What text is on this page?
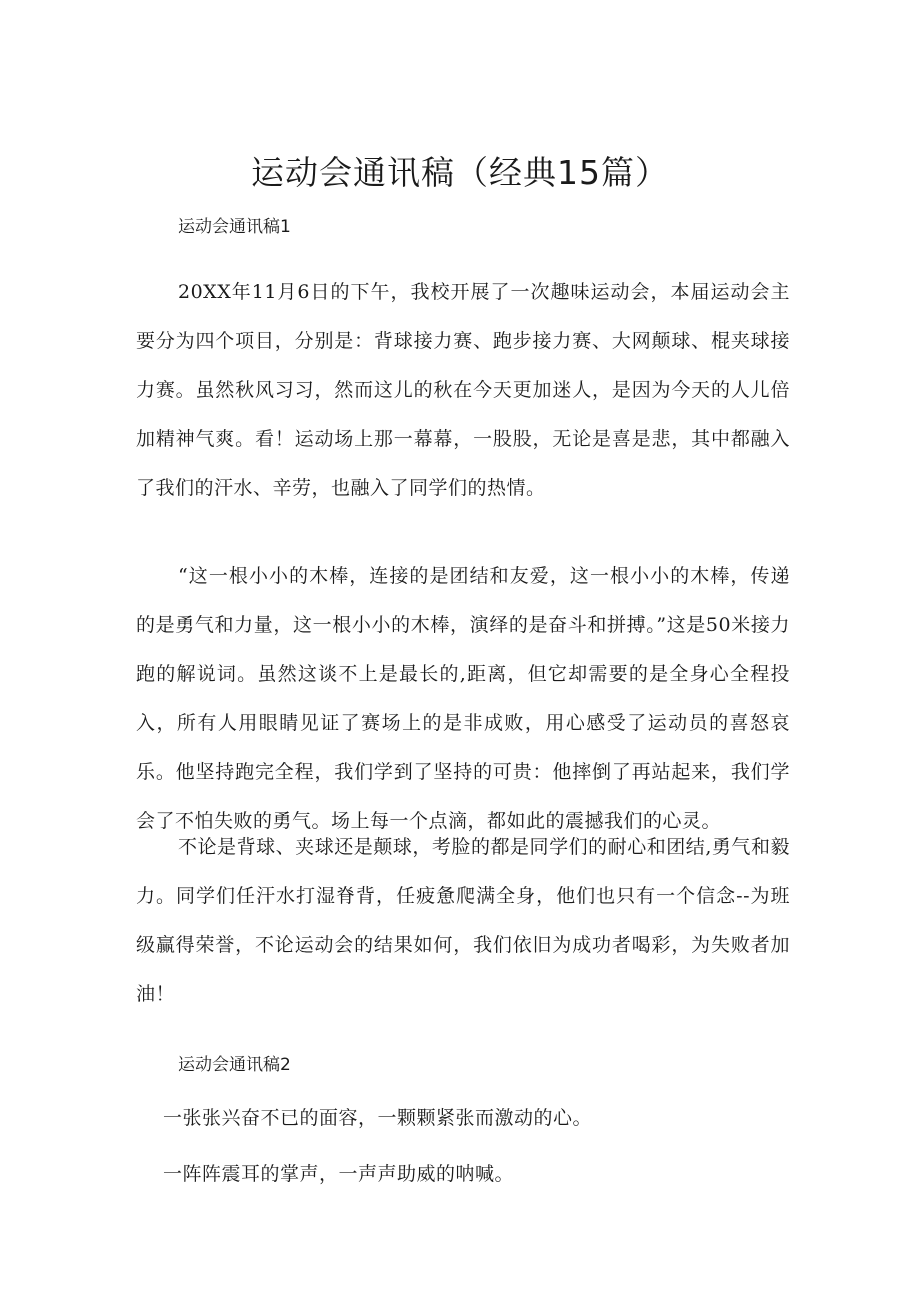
运动会通讯稿（经典15篇）
运动会通讯稿1

20XX年11月6日的下午，我校开展了一次趣味运动会，本届运动会主要分为四个项目，分别是：背球接力赛、跑步接力赛、大网颠球、棍夹球接力赛。虽然秋风习习，然而这儿的秋在今天更加迷人，是因为今天的人儿倍加精神气爽。看！运动场上那一幕幕，一股股，无论是喜是悲，其中都融入了我们的汗水、辛劳，也融入了同学们的热情。

“这一根小小的木棒，连接的是团结和友爱，这一根小小的木棒，传递的是勇气和力量，这一根小小的木棒，演绎的是奋斗和拼搏。”这是50米接力跑的解说词。虽然这谈不上是最长的,距离，但它却需要的是全身心全程投入，所有人用眼睛见证了赛场上的是非成败，用心感受了运动员的喜怒哀乐。他坚持跑完全程，我们学到了坚持的可贵：他摔倒了再站起来，我们学会了不怕失败的勇气。场上每一个点滴，都如此的震撼我们的心灵。

不论是背球、夹球还是颠球，考脸的都是同学们的耐心和团结,勇气和毅力。同学们任汗水打湿脊背，任疲惫爬满全身，他们也只有一个信念--为班级赢得荣誉，不论运动会的结果如何，我们依旧为成功者喝彩，为失败者加油！

运动会通讯稿2

一张张兴奋不已的面容，一颗颗紧张而激动的心。

一阵阵震耳的掌声，一声声助威的呐喊。
